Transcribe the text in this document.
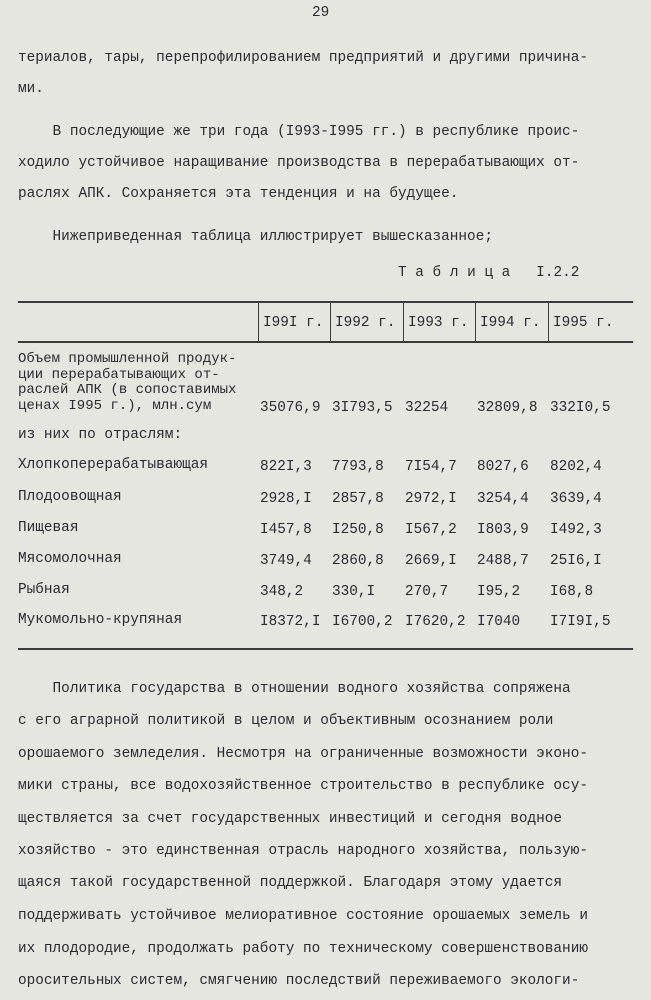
29
териалов, тары, перепрофилированием предприятий и другими причина-
ми.
В последующие же три года (I993-I995 гг.) в республике проис-
ходило устойчивое наращивание производства в перерабатывающих от-
раслях АПК. Сохраняется эта тенденция и на будущее.
Нижеприведенная таблица иллюстрирует вышесказанное;
Политика государства в отношении водного хозяйства сопряжена
с его аграрной политикой в целом и объективным осознанием роли
орошаемого земледелия. Несмотря на ограниченные возможности эконо-
мики страны, все водохозяйственное строительство в республике осу-
ществляется за счет государственных инвестиций и сегодня водное
хозяйство - это единственная отрасль народного хозяйства, пользую-
щаяся такой государственной поддержкой. Благодаря этому удается
поддерживать устойчивое мелиоративное состояние орошаемых земель и
их плодородие, продолжать работу по техническому совершенствованию
оросительных систем, смягчению последствий переживаемого экологи-
Т а б л и ц а   I.2.2
I99I г. I992 г. I993 г. I994 г. I995 г.
Объем промышленной продук-
ции перерабатывающих от-
раслей АПК (в сопоставимых
ценах I995 г.), млн.сум	35076,9 3I793,5 32254 32809,8 332I0,5
из них по отраслям:
Хлопкоперерабатывающая	822I,3 7793,8 7I54,7 8027,6 8202,4
Плодоовощная	2928,I 2857,8 2972,I 3254,4 3639,4
Пищевая	I457,8 I250,8 I567,2 I803,9 I492,3
Мясомолочная	3749,4 2860,8 2669,I 2488,7 25I6,I
Рыбная	348,2 330,I 270,7 I95,2 I68,8
Мукомольно-крупяная	I8372,I I6700,2 I7620,2 I7040 I7I9I,5
